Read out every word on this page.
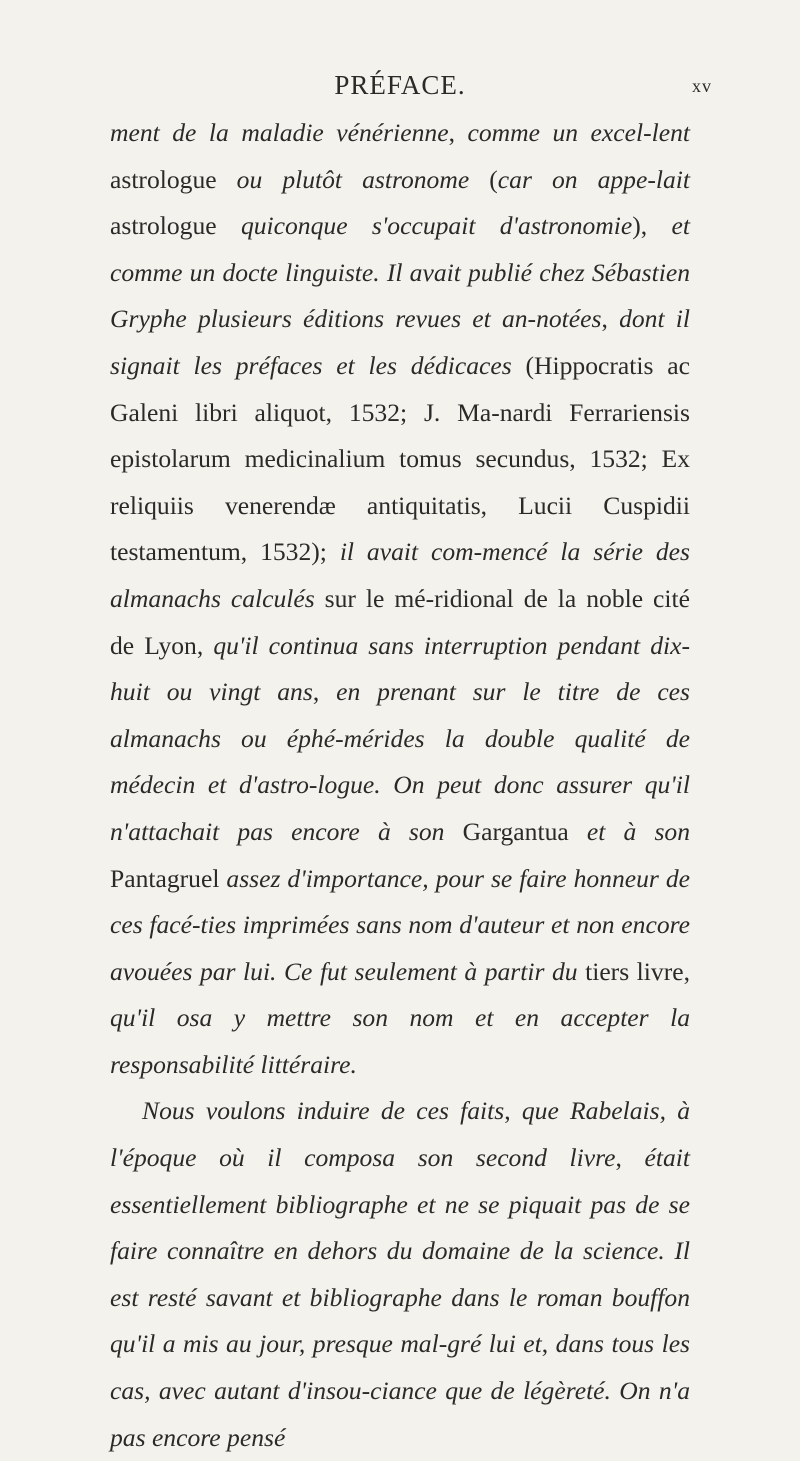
PRÉFACE.	xv

ment de la maladie vénérienne, comme un excel-lent astrologue ou plutôt astronome (car on appe-lait astrologue quiconque s'occupait d'astronomie), et comme un docte linguiste. Il avait publié chez Sébastien Gryphe plusieurs éditions revues et an-notées, dont il signait les préfaces et les dédicaces (Hippocratis ac Galeni libri aliquot, 1532; J. Ma-nardi Ferrariensis epistolarum medicinalium tomus secundus, 1532; Ex reliquiis venerendæ antiquitatis, Lucii Cuspidii testamentum, 1532); il avait com-mencé la série des almanachs calculés sur le mé-ridional de la noble cité de Lyon, qu'il continua sans interruption pendant dix-huit ou vingt ans, en prenant sur le titre de ces almanachs ou éphé-mérides la double qualité de médecin et d'astro-logue. On peut donc assurer qu'il n'attachait pas encore à son Gargantua et à son Pantagruel assez d'importance, pour se faire honneur de ces facé-ties imprimées sans nom d'auteur et non encore avouées par lui. Ce fut seulement à partir du tiers livre, qu'il osa y mettre son nom et en accepter la responsabilité littéraire.

Nous voulons induire de ces faits, que Rabelais, à l'époque où il composa son second livre, était essentiellement bibliographe et ne se piquait pas de se faire connaître en dehors du domaine de la science. Il est resté savant et bibliographe dans le roman bouffon qu'il a mis au jour, presque mal-gré lui et, dans tous les cas, avec autant d'insou-ciance que de légèreté. On n'a pas encore pensé
